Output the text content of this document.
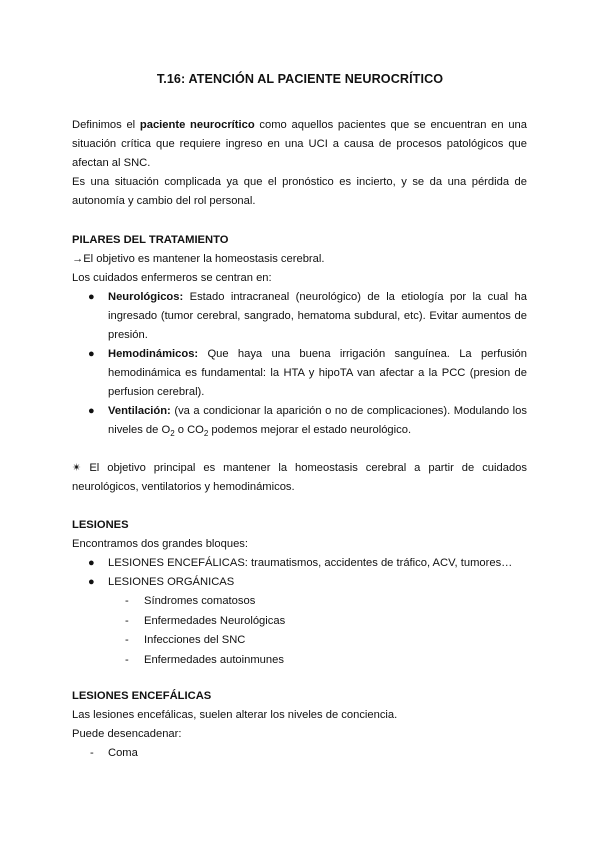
T.16: ATENCIÓN AL PACIENTE NEUROCRÍTICO

Definimos el paciente neurocrítico como aquellos pacientes que se encuentran en una situación crítica que requiere ingreso en una UCI a causa de procesos patológicos que afectan al SNC.

Es una situación complicada ya que el pronóstico es incierto, y se da una pérdida de autonomía y cambio del rol personal.

PILARES DEL TRATAMIENTO

→El objetivo es mantener la homeostasis cerebral.

Los cuidados enfermeros se centran en:

● Neurológicos: Estado intracraneal (neurológico) de la etiología por la cual ha ingresado (tumor cerebral, sangrado, hematoma subdural, etc). Evitar aumentos de presión.
● Hemodinámicos: Que haya una buena irrigación sanguínea. La perfusión hemodinámica es fundamental: la HTA y hipoTA van afectar a la PCC (presion de perfusion cerebral).
● Ventilación: (va a condicionar la aparición o no de complicaciones). Modulando los niveles de $O_2$ o $CO_2$ podemos mejorar el estado neurológico.

✴ El objetivo principal es mantener la homeostasis cerebral a partir de cuidados neurológicos, ventilatorios y hemodinámicos.

LESIONES

Encontramos dos grandes bloques:

● LESIONES ENCEFÁLICAS: traumatismos, accidentes de tráfico, ACV, tumores…
● LESIONES ORGÁNICAS
- Síndromes comatosos
- Enfermedades Neurológicas
- Infecciones del SNC
- Enfermedades autoinmunes
LESIONES ENCEFÁLICAS

Las lesiones encefálicas, suelen alterar los niveles de conciencia.

Puede desencadenar:

- Coma
